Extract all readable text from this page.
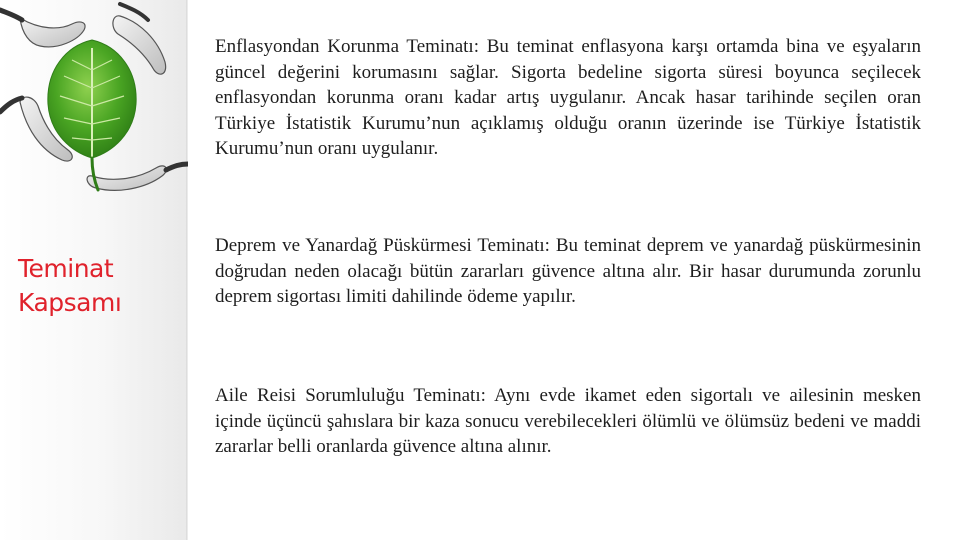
Teminat
Kapsamı

Enflasyondan Korunma Teminatı: Bu teminat enflasyona karşı ortamda bina ve eşyaların güncel değerini korumasını sağlar. Sigorta bedeline sigorta süresi boyunca seçilecek enflasyondan korunma oranı kadar artış uygulanır. Ancak hasar tarihinde seçilen oran Türkiye İstatistik Kurumu’nun açıklamış olduğu oranın üzerinde ise Türkiye İstatistik Kurumu’nun oranı uygulanır.

Deprem ve Yanardağ Püskürmesi Teminatı: Bu teminat deprem ve yanardağ püskürmesinin doğrudan neden olacağı bütün zararları güvence altına alır. Bir hasar durumunda zorunlu deprem sigortası limiti dahilinde ödeme yapılır.

Aile Reisi Sorumluluğu Teminatı: Aynı evde ikamet eden sigortalı ve ailesinin mesken içinde üçüncü şahıslara bir kaza sonucu verebilecekleri ölümlü ve ölümsüz bedeni ve maddi zararlar belli oranlarda güvence altına alınır.
